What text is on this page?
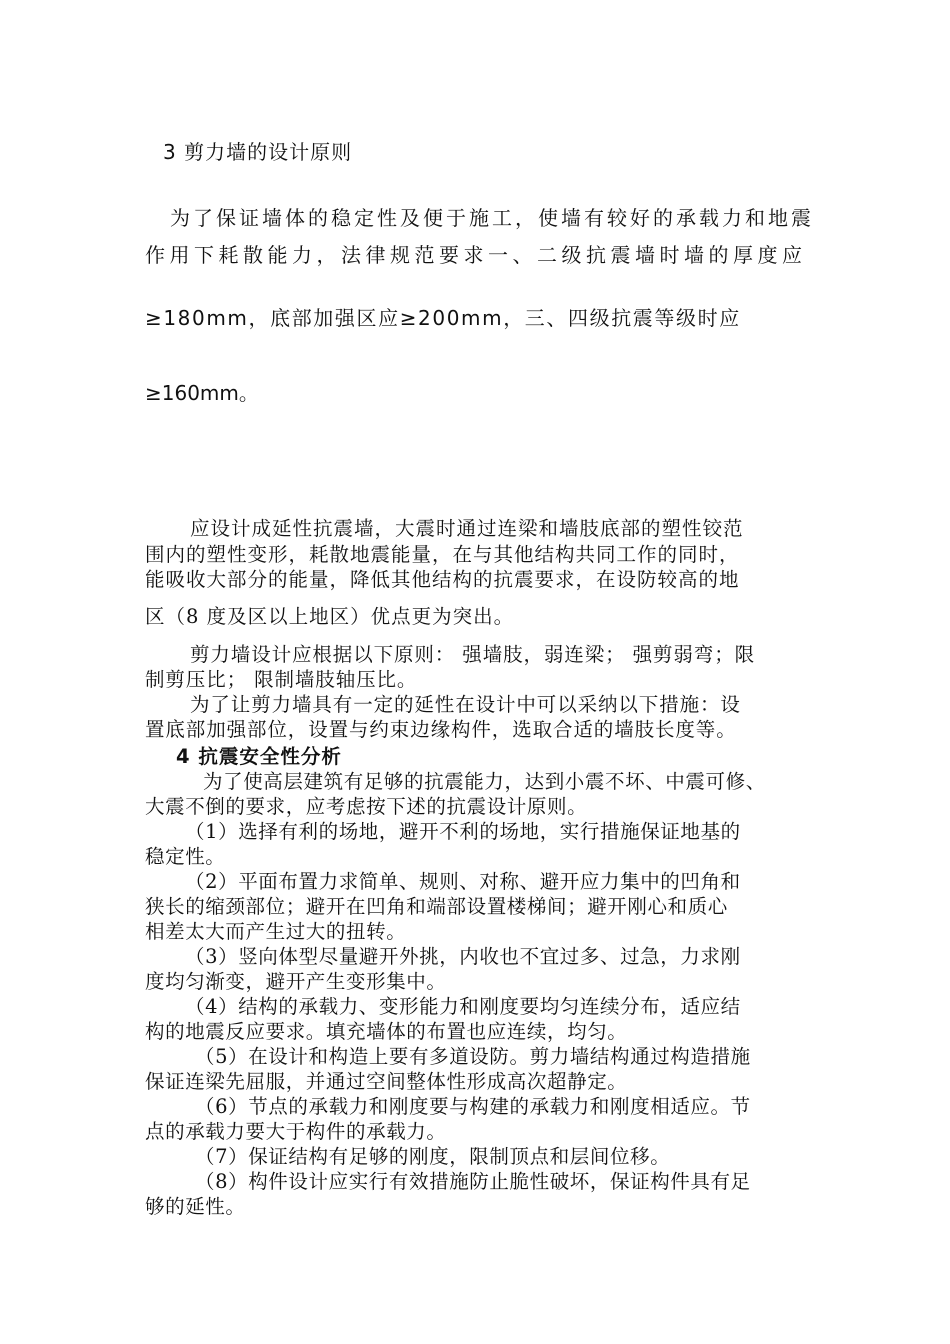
3 剪力墙的设计原则
为了保证墙体的稳定性及便于施工，使墙有较好的承载力和地震
作用下耗散能力，法律规范要求一、二级抗震墙时墙的厚度应
≥180mm，底部加强区应≥200mm，三、四级抗震等级时应
≥160mm。
应设计成延性抗震墙，大震时通过连梁和墙肢底部的塑性铰范
围内的塑性变形，耗散地震能量，在与其他结构共同工作的同时，
能吸收大部分的能量，降低其他结构的抗震要求，在设防较高的地
区（8 度及区以上地区）优点更为突出。
剪力墙设计应根据以下原则： 强墙肢，弱连梁； 强剪弱弯；限
制剪压比； 限制墙肢轴压比。
为了让剪力墙具有一定的延性在设计中可以采纳以下措施：设
置底部加强部位，设置与约束边缘构件，选取合适的墙肢长度等。
4 抗震安全性分析
为了使高层建筑有足够的抗震能力，达到小震不坏、中震可修、
大震不倒的要求，应考虑按下述的抗震设计原则。
（1）选择有利的场地，避开不利的场地，实行措施保证地基的
稳定性。
（2）平面布置力求简单、规则、对称、避开应力集中的凹角和
狭长的缩颈部位；避开在凹角和端部设置楼梯间；避开刚心和质心
相差太大而产生过大的扭转。
（3）竖向体型尽量避开外挑，内收也不宜过多、过急，力求刚
度均匀渐变，避开产生变形集中。
（4）结构的承载力、变形能力和刚度要均匀连续分布，适应结
构的地震反应要求。填充墙体的布置也应连续，均匀。
（5）在设计和构造上要有多道设防。剪力墙结构通过构造措施
保证连梁先屈服，并通过空间整体性形成高次超静定。
（6）节点的承载力和刚度要与构建的承载力和刚度相适应。节
点的承载力要大于构件的承载力。
（7）保证结构有足够的刚度，限制顶点和层间位移。
（8）构件设计应实行有效措施防止脆性破坏，保证构件具有足
够的延性。
